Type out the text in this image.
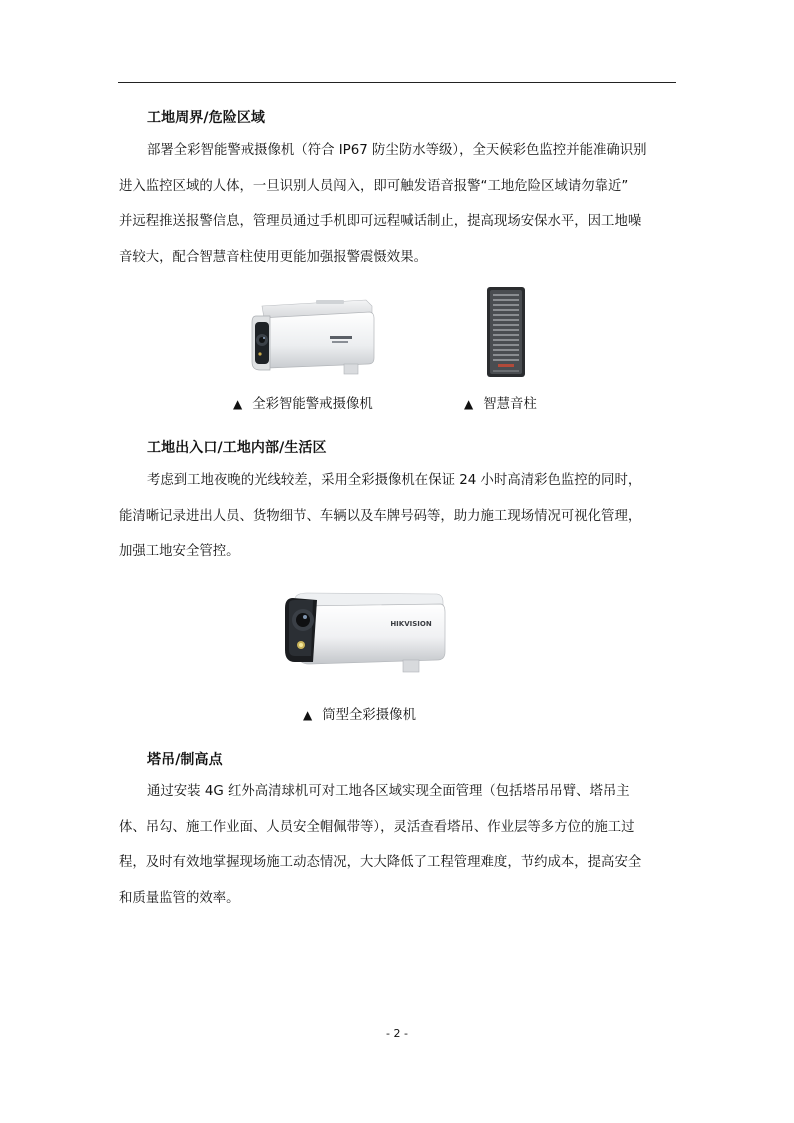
工地周界/危险区域
部署全彩智能警戒摄像机（符合 IP67 防尘防水等级），全天候彩色监控并能准确识别
进入监控区域的人体，一旦识别人员闯入，即可触发语音报警“工地危险区域请勿靠近”
并远程推送报警信息，管理员通过手机即可远程喊话制止，提高现场安保水平，因工地噪
音较大，配合智慧音柱使用更能加强报警震慑效果。
▲ 全彩智能警戒摄像机	▲ 智慧音柱
工地出入口/工地内部/生活区
考虑到工地夜晚的光线较差，采用全彩摄像机在保证 24 小时高清彩色监控的同时，
能清晰记录进出人员、货物细节、车辆以及车牌号码等，助力施工现场情况可视化管理，
加强工地安全管控。
HIKVISION
▲ 筒型全彩摄像机
塔吊/制高点
通过安装 4G 红外高清球机可对工地各区域实现全面管理（包括塔吊吊臂、塔吊主
体、吊勾、施工作业面、人员安全帽佩带等），灵活查看塔吊、作业层等多方位的施工过
程，及时有效地掌握现场施工动态情况，大大降低了工程管理难度，节约成本，提高安全
和质量监管的效率。
- 2 -
